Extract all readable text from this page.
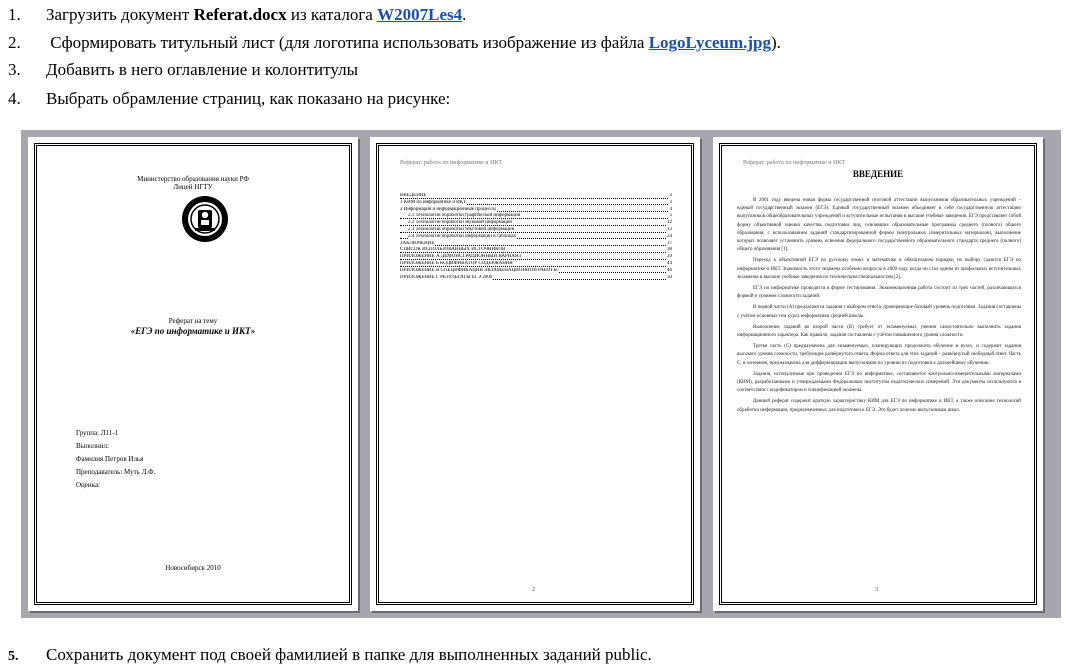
1. Загрузить документ Referat.docx из каталога W2007Les4.
2. Сформировать титульный лист (для логотипа использовать изображение из файла LogoLyceum.jpg).
3. Добавить в него оглавление и колонтитулы
4. Выбрать обрамление страниц, как показано на рисунке:
Министерство образования науки РФ
Лицей НГТУ
Реферат на тему
«ЕГЭ по информатике и ИКТ»
Группа: Л11-1
Выполнил:
Фамилия Петров Илья
Преподаватель: Муть Л.Ф.
Оценка:
Новосибирск 2010
Реферат: работа по информатике и ИКТ
ВВЕДЕНИЕ	3
1 КИМ по информатике и ИКТ	3
2 Информация и информационные процессы	4
2.1 Технологии обработки графической информации	5
2.2 Технологии обработки звуковой информации	12
2.3 Технологии обработки текстовой информации	13
2.4 Технологии обработки информации в таблицах	24
ЗАКЛЮЧЕНИЕ	37
СПИСОК ИСПОЛЬЗОВАННЫХ ИСТОЧНИКОВ	38
ПРИЛОЖЕНИЕ А ДЕМОНСТРАЦИОННЫЙ ВАРИАНТ	39
ПРИЛОЖЕНИЕ Б КОДИФИКАТОР СОДЕРЖАНИЯ	44
ПРИЛОЖЕНИЕ В СПЕЦИФИКАЦИЯ ЭКЗАМЕНАЦИОННОЙ РАБОТЫ	46
ПРИЛОЖЕНИЕ Г РЕЗУЛЬТАТЫ ЕГЭ 2009	50
2
Реферат: работа по информатике и ИКТ
ВВЕДЕНИЕ

В 2001 году введена новая форма государственной итоговой аттестации выпускников образовательных учреждений – единый государственный экзамен (ЕГЭ). Единый государственный экзамен объединяет в себе государственную аттестацию выпускников общеобразовательных учреждений и вступительные испытания в высшие учебные заведения. ЕГЭ представляет собой форму объективной оценки качества подготовки лиц, освоивших образовательные программы среднего (полного) общего образования, с использованием заданий стандартизированной формы (контрольных измерительных материалов), выполнение которых позволяет установить уровень освоения федерального государственного образовательного стандарта среднего (полного) общего образования [1].

Переход к объективной ЕГЭ по русскому языку и математике в обязательном порядке, по выбору сдаются ЕГЭ по информатике и ИКТ. Значимость этого экзамена особенно возросла в 2009 году, когда он стал одним из профильных вступительных экзаменов в высшие учебные заведения по техническим специальностям [2].

ЕГЭ по информатике проводится в форме тестирования. Экзаменационная работа состоит из трёх частей, различающихся формой и уровнем сложности заданий.

В первой части (А) предлагаются задания с выбором ответа, проверяющие базовый уровень подготовки. Задания составлены с учётом основных тем курса информатики средней школы.

Выполнение заданий во второй части (В) требует от экзаменуемых умения самостоятельно выполнить задания информационного характера. Как правило, задания составлены с учётом повышенного уровня сложности.

Третья часть (С) предназначена для экзаменуемых, планирующих продолжить обучение в вузах, и содержит задания высокого уровня сложности, требующие развёрнутого ответа. Форма ответа для этих заданий – развёрнутый свободный ответ. Часть С, в основном, предназначена для дифференциации выпускников по уровню их подготовки к дальнейшему обучению.

Задания, используемые при проведении ЕГЭ по информатике, составляются контрольно-измерительными материалами (КИМ), разработанными и утверждаемыми Федеральным институтом педагогических измерений. Эти документы используются в соответствии с кодификатором и спецификацией экзамена.

Данный реферат содержит краткую характеристику КИМ для ЕГЭ по информатике и ИКТ, а также описание технологий обработки информации, предназначенных для подготовки к ЕГЭ. Это будет полезно выпускникам школ.

3
5. Сохранить документ под своей фамилией в папке для выполненных заданий public.
